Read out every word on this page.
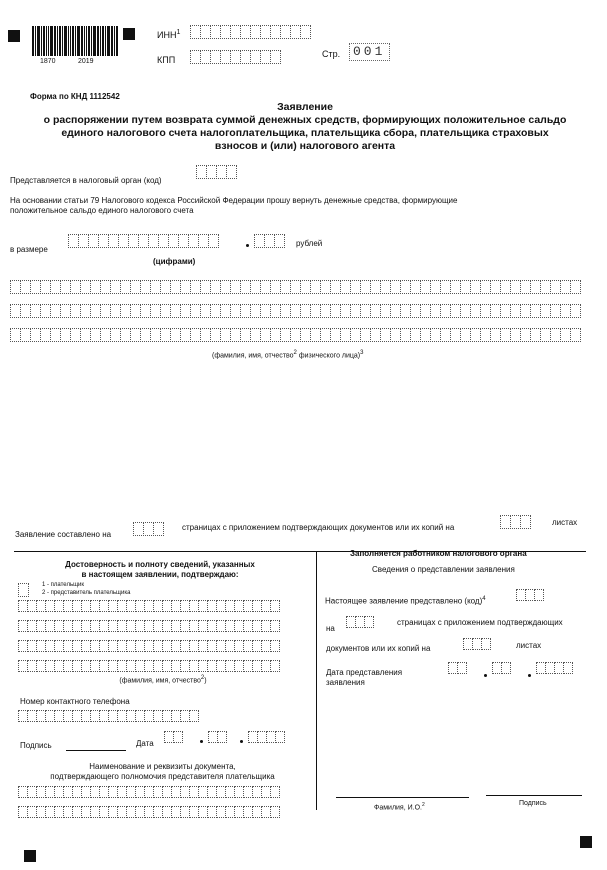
1870	2019
ИНН$^1$
КПП
Стр. 001
Форма по КНД 1112542
Заявление
о распоряжении путем возврата суммой денежных средств, формирующих положительное сальдо
единого налогового счета налогоплательщика, плательщика сбора, плательщика страховых
взносов и (или) налогового агента
Представляется в налоговый орган (код)
На основании статьи 79 Налогового кодекса Российской Федерации прошу вернуть денежные средства, формирующие
положительное сальдо единого налогового счета
в размере
рублей
(цифрами)
(фамилия, имя, отчество$^2$ физического лица)$^3$
Заявление составлено на
страницах с приложением подтверждающих документов или их копий на
листах
Достоверность и полноту сведений, указанных
в настоящем заявлении, подтверждаю:
1 - плательщик
2 - представитель плательщика
(фамилия, имя, отчество$^2$)
Номер контактного телефона
Подпись	Дата
Наименование и реквизиты документа,
подтверждающего полномочия представителя плательщика
Заполняется работником налогового органа
Сведения о представлении заявления
Настоящее заявление представлено (код)$^4$
на
страницах с приложением подтверждающих
документов или их копий на	листах
Дата представления
заявления
Фамилия, И.О.$^2$	Подпись
